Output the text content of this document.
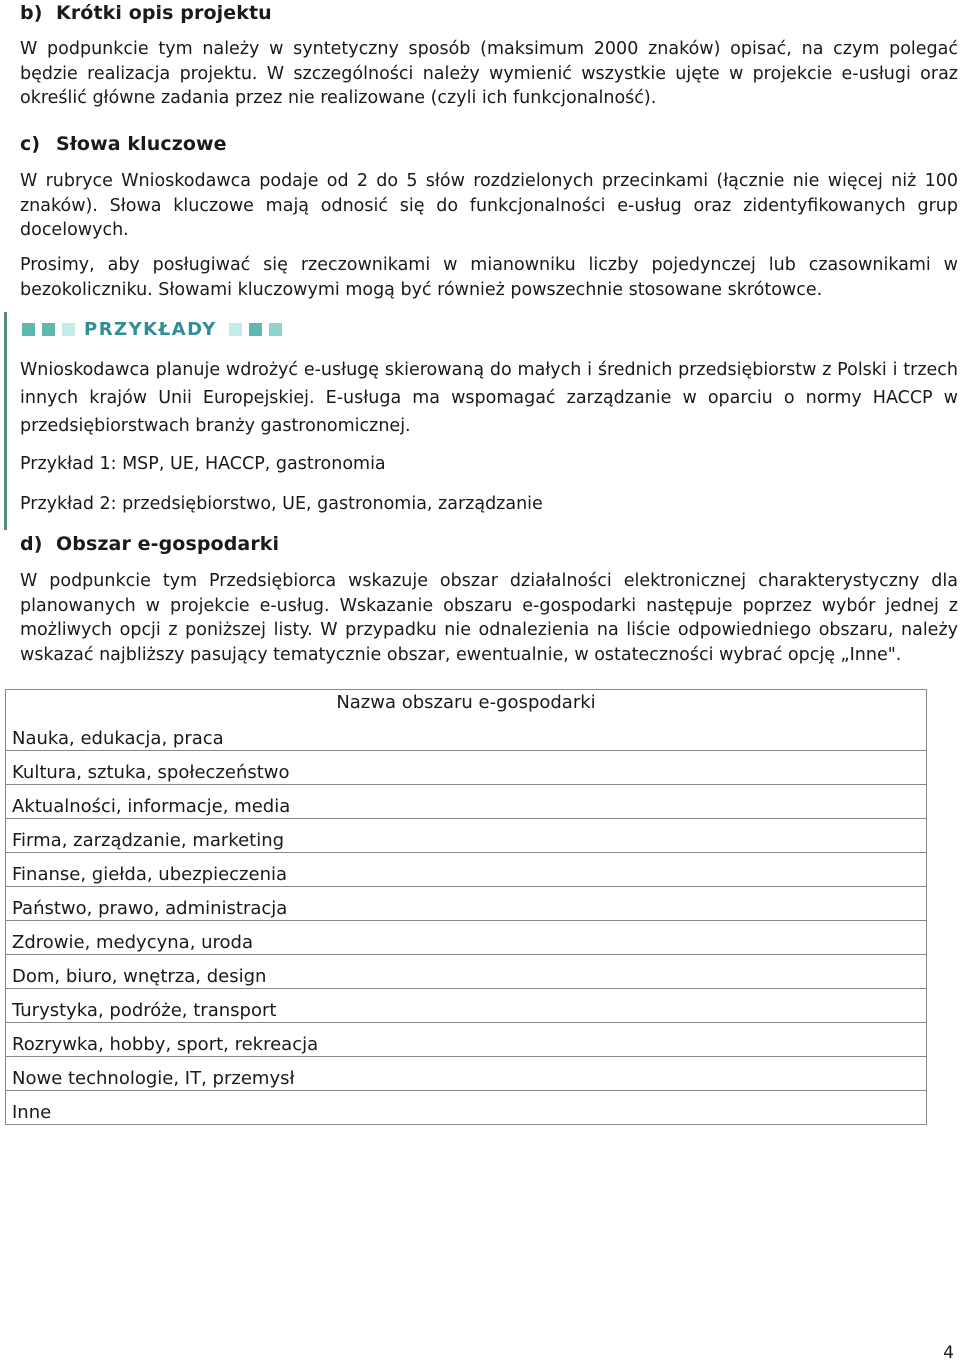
b) Krótki opis projektu
W podpunkcie tym należy w syntetyczny sposób (maksimum 2000 znaków) opisać, na czym polegać będzie realizacja projektu. W szczególności należy wymienić wszystkie ujęte w projekcie e-usługi oraz określić główne zadania przez nie realizowane (czyli ich funkcjonalność).
c) Słowa kluczowe
W rubryce Wnioskodawca podaje od 2 do 5 słów rozdzielonych przecinkami (łącznie nie więcej niż 100 znaków). Słowa kluczowe mają odnosić się do funkcjonalności e-usług oraz zidentyfikowanych grup docelowych.
Prosimy, aby posługiwać się rzeczownikami w mianowniku liczby pojedynczej lub czasownikami w bezokoliczniku. Słowami kluczowymi mogą być również powszechnie stosowane skrótowce.
PRZYKŁADY
Wnioskodawca planuje wdrożyć e-usługę skierowaną do małych i średnich przedsiębiorstw z Polski i trzech innych krajów Unii Europejskiej. E-usługa ma wspomagać zarządzanie w oparciu o normy HACCP w przedsiębiorstwach branży gastronomicznej.
Przykład 1: MSP, UE, HACCP, gastronomia
Przykład 2: przedsiębiorstwo, UE, gastronomia, zarządzanie
d) Obszar e-gospodarki
W podpunkcie tym Przedsiębiorca wskazuje obszar działalności elektronicznej charakterystyczny dla planowanych w projekcie e-usług. Wskazanie obszaru e-gospodarki następuje poprzez wybór jednej z możliwych opcji z poniższej listy. W przypadku nie odnalezienia na liście odpowiedniego obszaru, należy wskazać najbliższy pasujący tematycznie obszar, ewentualnie, w ostateczności wybrać opcję „Inne".
Nazwa obszaru e-gospodarki
Nauka, edukacja, praca
Kultura, sztuka, społeczeństwo
Aktualności, informacje, media
Firma, zarządzanie, marketing
Finanse, giełda, ubezpieczenia
Państwo, prawo, administracja
Zdrowie, medycyna, uroda
Dom, biuro, wnętrza, design
Turystyka, podróże, transport
Rozrywka, hobby, sport, rekreacja
Nowe technologie, IT, przemysł
Inne
4
